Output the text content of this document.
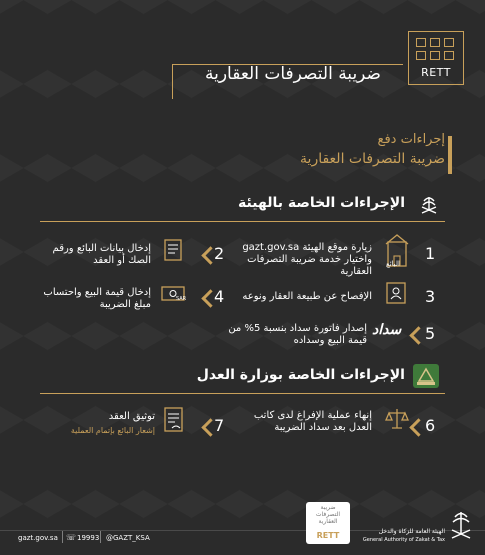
RETT
ضريبة التصرفات العقارية
إجراءات دفع
ضريبة التصرفات العقارية
الإجراءات الخاصة بالهيئة
1
البائع
زيارة موقع الهيئة gazt.gov.sa واختيار خدمة ضريبة التصرفات العقارية
2
إدخال بيانات البائع ورقم الصك أو العقد
3
الإفصاح عن طبيعة العقار ونوعه
4
SAR
إدخال قيمة البيع واحتساب مبلغ الضريبة
5
سداد
إصدار فاتورة سداد بنسبة 5% من قيمة البيع وسداده
الإجراءات الخاصة بوزارة العدل
6
إنهاء عملية الإفراغ لدى كاتب العدل بعد سداد الضريبة
7
توثيق العقد
إشعار البائع بإتمام العملية
gazt.gov.sa ☏ 19993 @GAZT_KSA
ضريبة
التصرفات
العقارية
RETT	الهيئة العامة للزكاة والدخل
General Authority of Zakat & Tax
